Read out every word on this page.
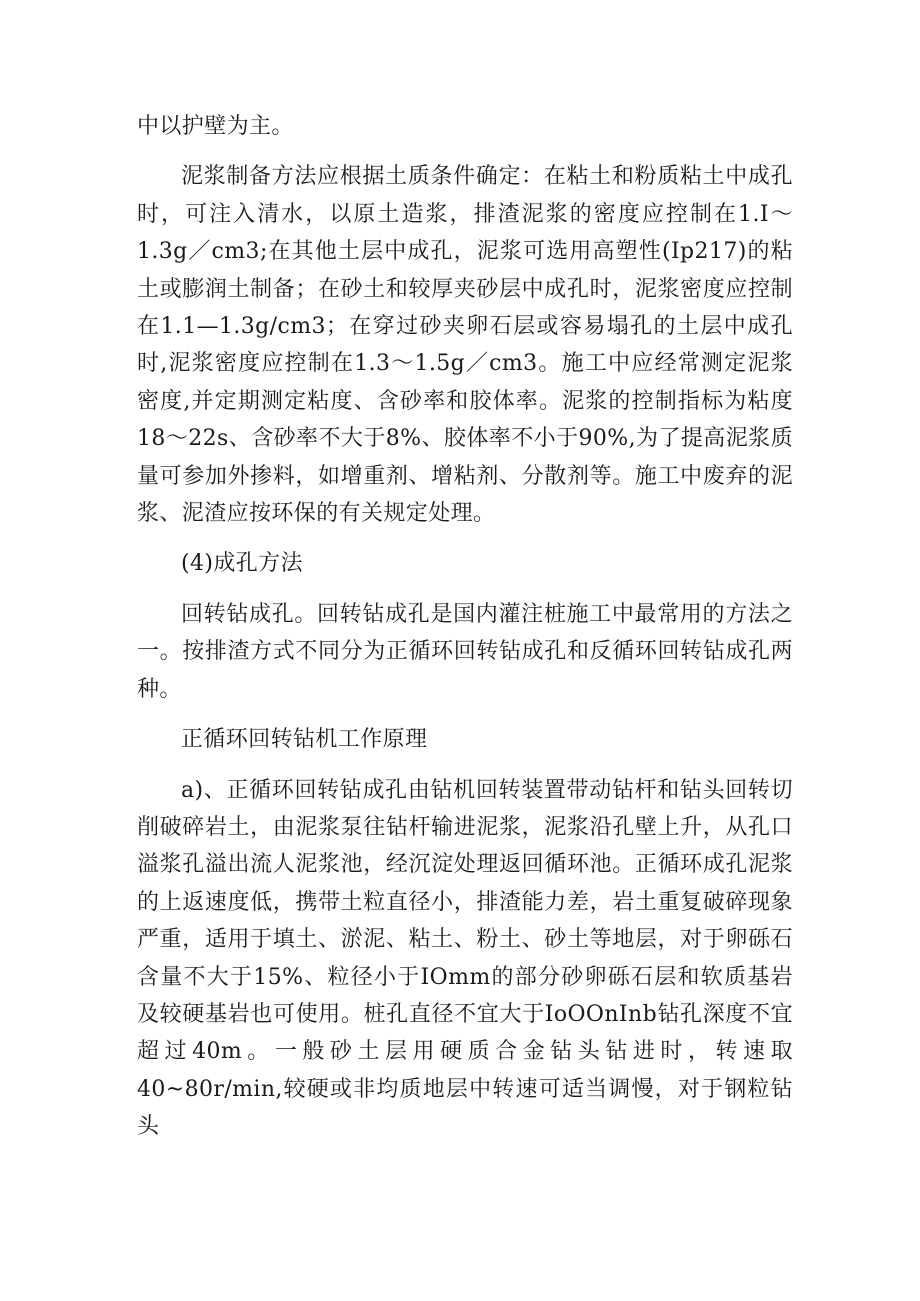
中以护壁为主。

泥浆制备方法应根据土质条件确定：在粘土和粉质粘土中成孔时，可注入清水，以原土造浆，排渣泥浆的密度应控制在1.I～1.3g／cm3;在其他土层中成孔，泥浆可选用高塑性(Ip217)的粘土或膨润土制备；在砂土和较厚夹砂层中成孔时，泥浆密度应控制在1.1—1.3g/cm3；在穿过砂夹卵石层或容易塌孔的土层中成孔时,泥浆密度应控制在1.3～1.5g／cm3。施工中应经常测定泥浆密度,并定期测定粘度、含砂率和胶体率。泥浆的控制指标为粘度18～22s、含砂率不大于8%、胶体率不小于90%,为了提高泥浆质量可参加外掺料，如增重剂、增粘剂、分散剂等。施工中废弃的泥浆、泥渣应按环保的有关规定处理。

(4)成孔方法

回转钻成孔。回转钻成孔是国内灌注桩施工中最常用的方法之一。按排渣方式不同分为正循环回转钻成孔和反循环回转钻成孔两种。

正循环回转钻机工作原理

a)、正循环回转钻成孔由钻机回转装置带动钻杆和钻头回转切削破碎岩土，由泥浆泵往钻杆输进泥浆，泥浆沿孔壁上升，从孔口溢浆孔溢出流人泥浆池，经沉淀处理返回循环池。正循环成孔泥浆的上返速度低，携带土粒直径小，排渣能力差，岩土重复破碎现象严重，适用于填土、淤泥、粘土、粉土、砂土等地层，对于卵砾石含量不大于15%、粒径小于IOmm的部分砂卵砾石层和软质基岩及较硬基岩也可使用。桩孔直径不宜大于IoOOnInb钻孔深度不宜超过40m。一般砂土层用硬质合金钻头钻进时，转速取40~80r/min,较硬或非均质地层中转速可适当调慢，对于钢粒钻头
